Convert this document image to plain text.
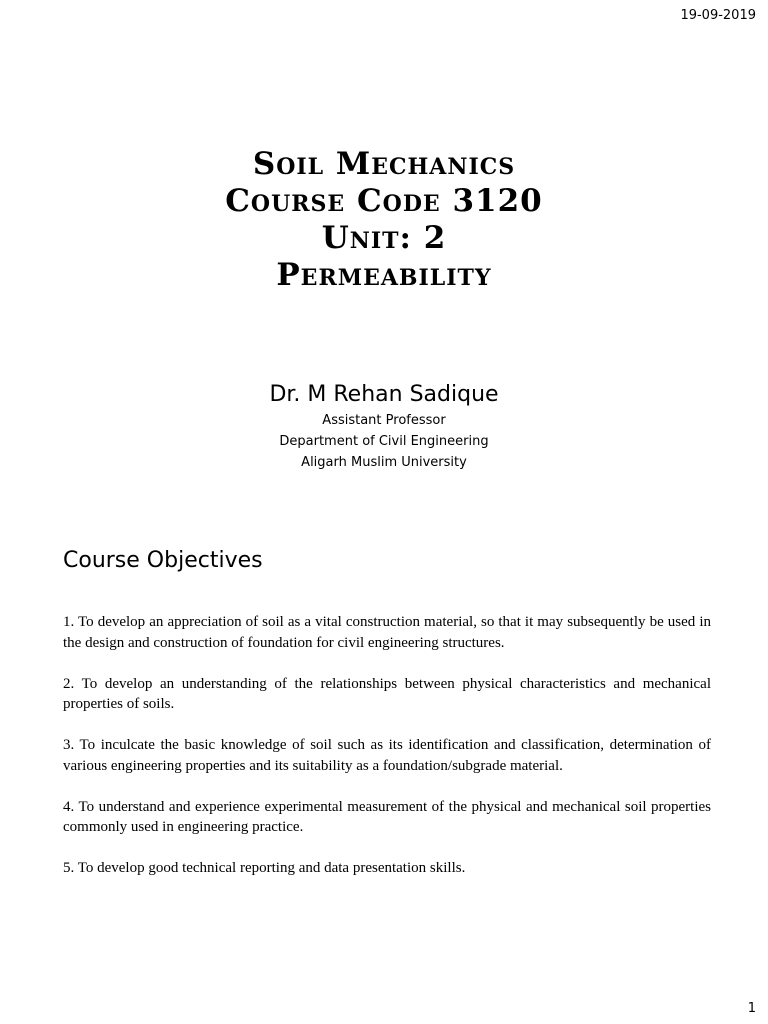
19-09-2019
Soil Mechanics
Course Code 3120
Unit: 2
Permeability
Dr. M Rehan Sadique
Assistant Professor
Department of Civil Engineering
Aligarh Muslim University
Course Objectives

1. To develop an appreciation of soil as a vital construction material, so that it may subsequently be used in the design and construction of foundation for civil engineering structures.

2. To develop an understanding of the relationships between physical characteristics and mechanical properties of soils.

3. To inculcate the basic knowledge of soil such as its identification and classification, determination of various engineering properties and its suitability as a foundation/subgrade material.

4. To understand and experience experimental measurement of the physical and mechanical soil properties commonly used in engineering practice.

5. To develop good technical reporting and data presentation skills.

1
